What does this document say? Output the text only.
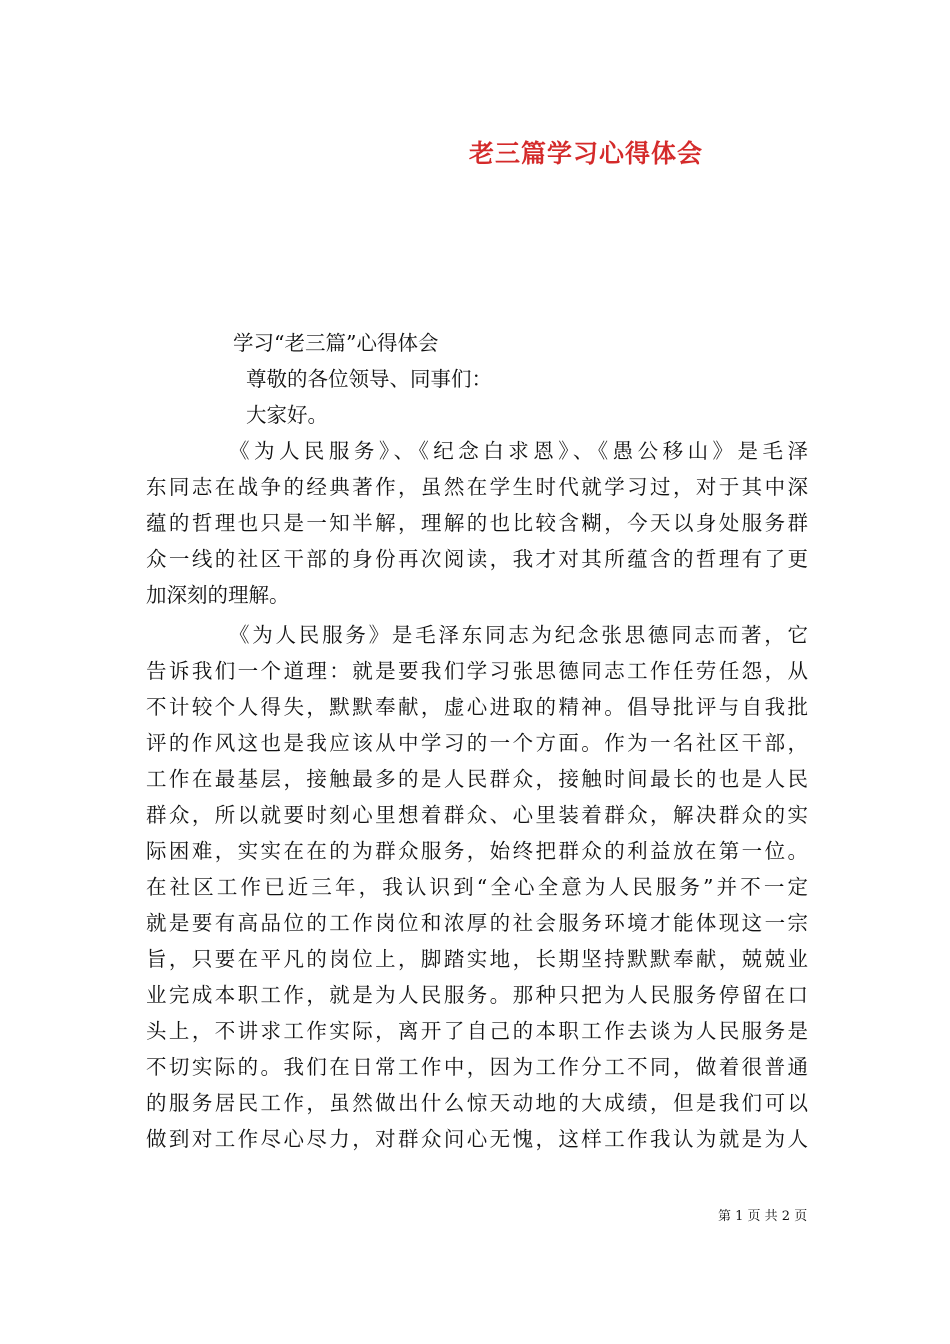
老三篇学习心得体会
学习“老三篇”心得体会
尊敬的各位领导、同事们：
大家好。
《为人民服务》、《纪念白求恩》、《愚公移山》是毛泽
东同志在战争的经典著作，虽然在学生时代就学习过，对于其中深
蕴的哲理也只是一知半解，理解的也比较含糊，今天以身处服务群
众一线的社区干部的身份再次阅读，我才对其所蕴含的哲理有了更
加深刻的理解。
《为人民服务》是毛泽东同志为纪念张思德同志而著，它
告诉我们一个道理：就是要我们学习张思德同志工作任劳任怨，从
不计较个人得失，默默奉献，虚心进取的精神。倡导批评与自我批
评的作风这也是我应该从中学习的一个方面。作为一名社区干部，
工作在最基层，接触最多的是人民群众，接触时间最长的也是人民
群众，所以就要时刻心里想着群众、心里装着群众，解决群众的实
际困难，实实在在的为群众服务，始终把群众的利益放在第一位。
在社区工作已近三年，我认识到“全心全意为人民服务”并不一定
就是要有高品位的工作岗位和浓厚的社会服务环境才能体现这一宗
旨，只要在平凡的岗位上，脚踏实地，长期坚持默默奉献，兢兢业
业完成本职工作，就是为人民服务。那种只把为人民服务停留在口
头上，不讲求工作实际，离开了自己的本职工作去谈为人民服务是
不切实际的。我们在日常工作中，因为工作分工不同，做着很普通
的服务居民工作，虽然做出什么惊天动地的大成绩，但是我们可以
做到对工作尽心尽力，对群众问心无愧，这样工作我认为就是为人
第 1 页 共 2 页
